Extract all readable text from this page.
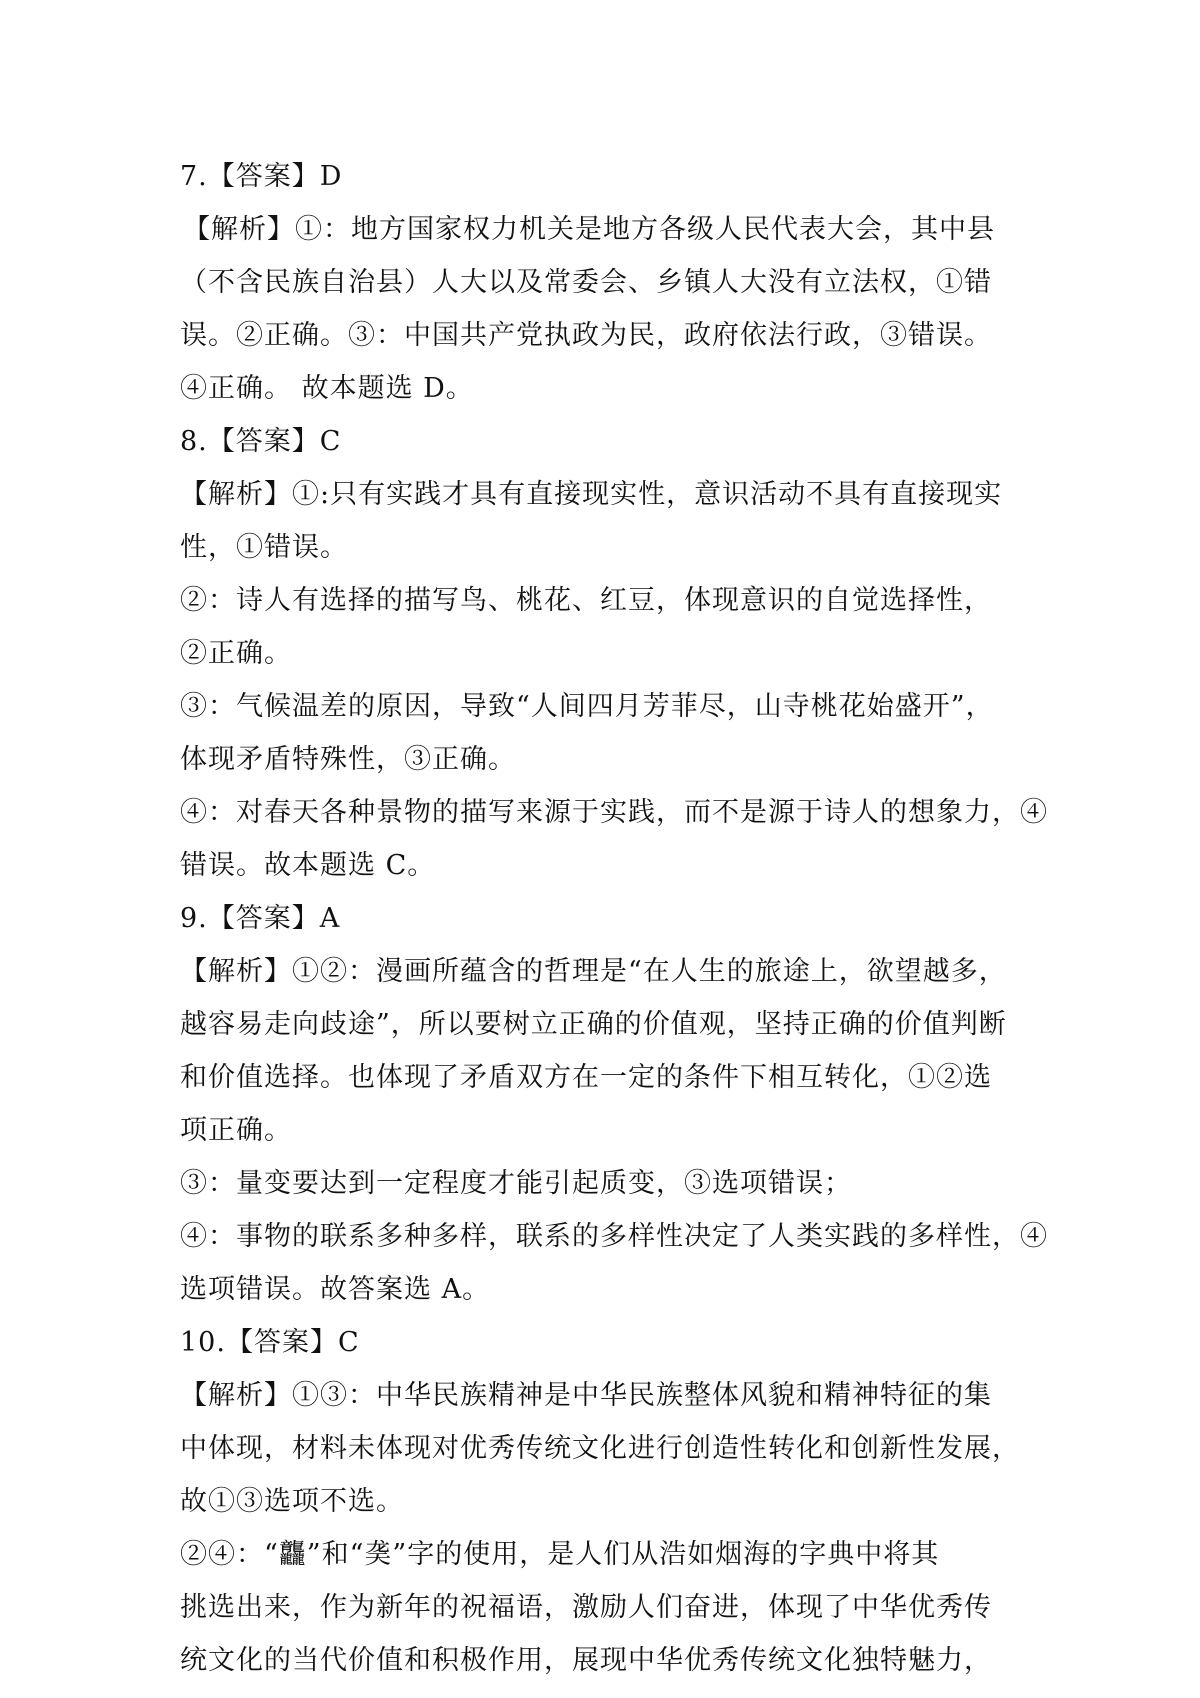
7.【答案】D
【解析】①：地方国家权力机关是地方各级人民代表大会，其中县
（不含民族自治县）人大以及常委会、乡镇人大没有立法权，①错
误。②正确。③：中国共产党执政为民，政府依法行政，③错误。
④正确。 故本题选 D。
8.【答案】C
【解析】①:只有实践才具有直接现实性，意识活动不具有直接现实
性，①错误。
②：诗人有选择的描写鸟、桃花、红豆，体现意识的自觉选择性，
②正确。
③：气候温差的原因，导致“人间四月芳菲尽，山寺桃花始盛开”，
体现矛盾特殊性，③正确。
④：对春天各种景物的描写来源于实践，而不是源于诗人的想象力，④
错误。故本题选 C。
9.【答案】A
【解析】①②：漫画所蕴含的哲理是“在人生的旅途上，欲望越多，
越容易走向歧途”，所以要树立正确的价值观，坚持正确的价值判断
和价值选择。也体现了矛盾双方在一定的条件下相互转化，①②选
项正确。
③：量变要达到一定程度才能引起质变，③选项错误；
④：事物的联系多种多样，联系的多样性决定了人类实践的多样性，④
选项错误。故答案选 A。
10.【答案】C
【解析】①③：中华民族精神是中华民族整体风貌和精神特征的集
中体现，材料未体现对优秀传统文化进行创造性转化和创新性发展，
故①③选项不选。
②④：“龘”和“䶮”字的使用，是人们从浩如烟海的字典中将其
挑选出来，作为新年的祝福语，激励人们奋进，体现了中华优秀传
统文化的当代价值和积极作用，展现中华优秀传统文化独特魅力，
